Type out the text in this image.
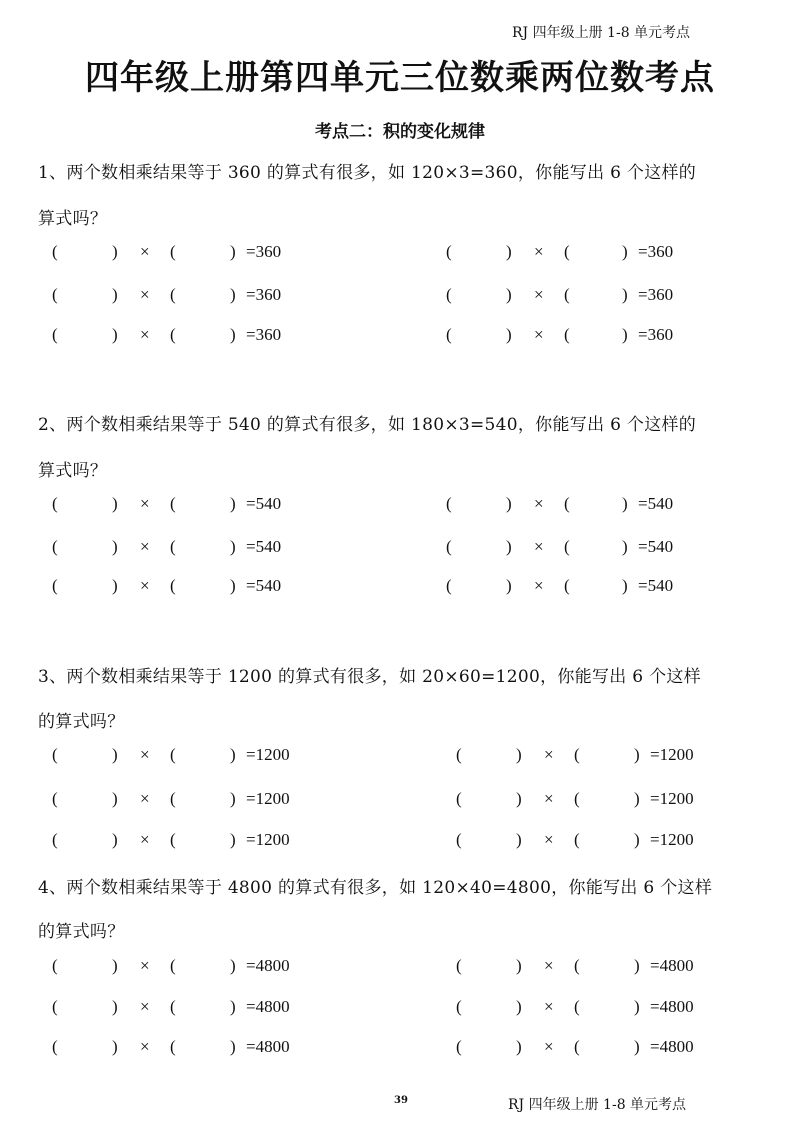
RJ 四年级上册 1-8 单元考点
四年级上册第四单元三位数乘两位数考点
考点二：积的变化规律
1、两个数相乘结果等于 360 的算式有很多，如 120×3=360，你能写出 6 个这样的
算式吗？
(	) × (	) =360	(	) × (	) =360
(	) × (	) =360	(	) × (	) =360
(	) × (	) =360	(	) × (	) =360
2、两个数相乘结果等于 540 的算式有很多，如 180×3=540，你能写出 6 个这样的
算式吗？
(	) × (	) =540	(	) × (	) =540
(	) × (	) =540	(	) × (	) =540
(	) × (	) =540	(	) × (	) =540
3、两个数相乘结果等于 1200 的算式有很多，如 20×60=1200，你能写出 6 个这样
的算式吗？
(	) × (	) =1200	(	) × (	) =1200
(	) × (	) =1200	(	) × (	) =1200
(	) × (	) =1200	(	) × (	) =1200
4、两个数相乘结果等于 4800 的算式有很多，如 120×40=4800，你能写出 6 个这样
的算式吗？
(	) × (	) =4800	(	) × (	) =4800
(	) × (	) =4800	(	) × (	) =4800
(	) × (	) =4800	(	) × (	) =4800
39	RJ 四年级上册 1-8 单元考点
